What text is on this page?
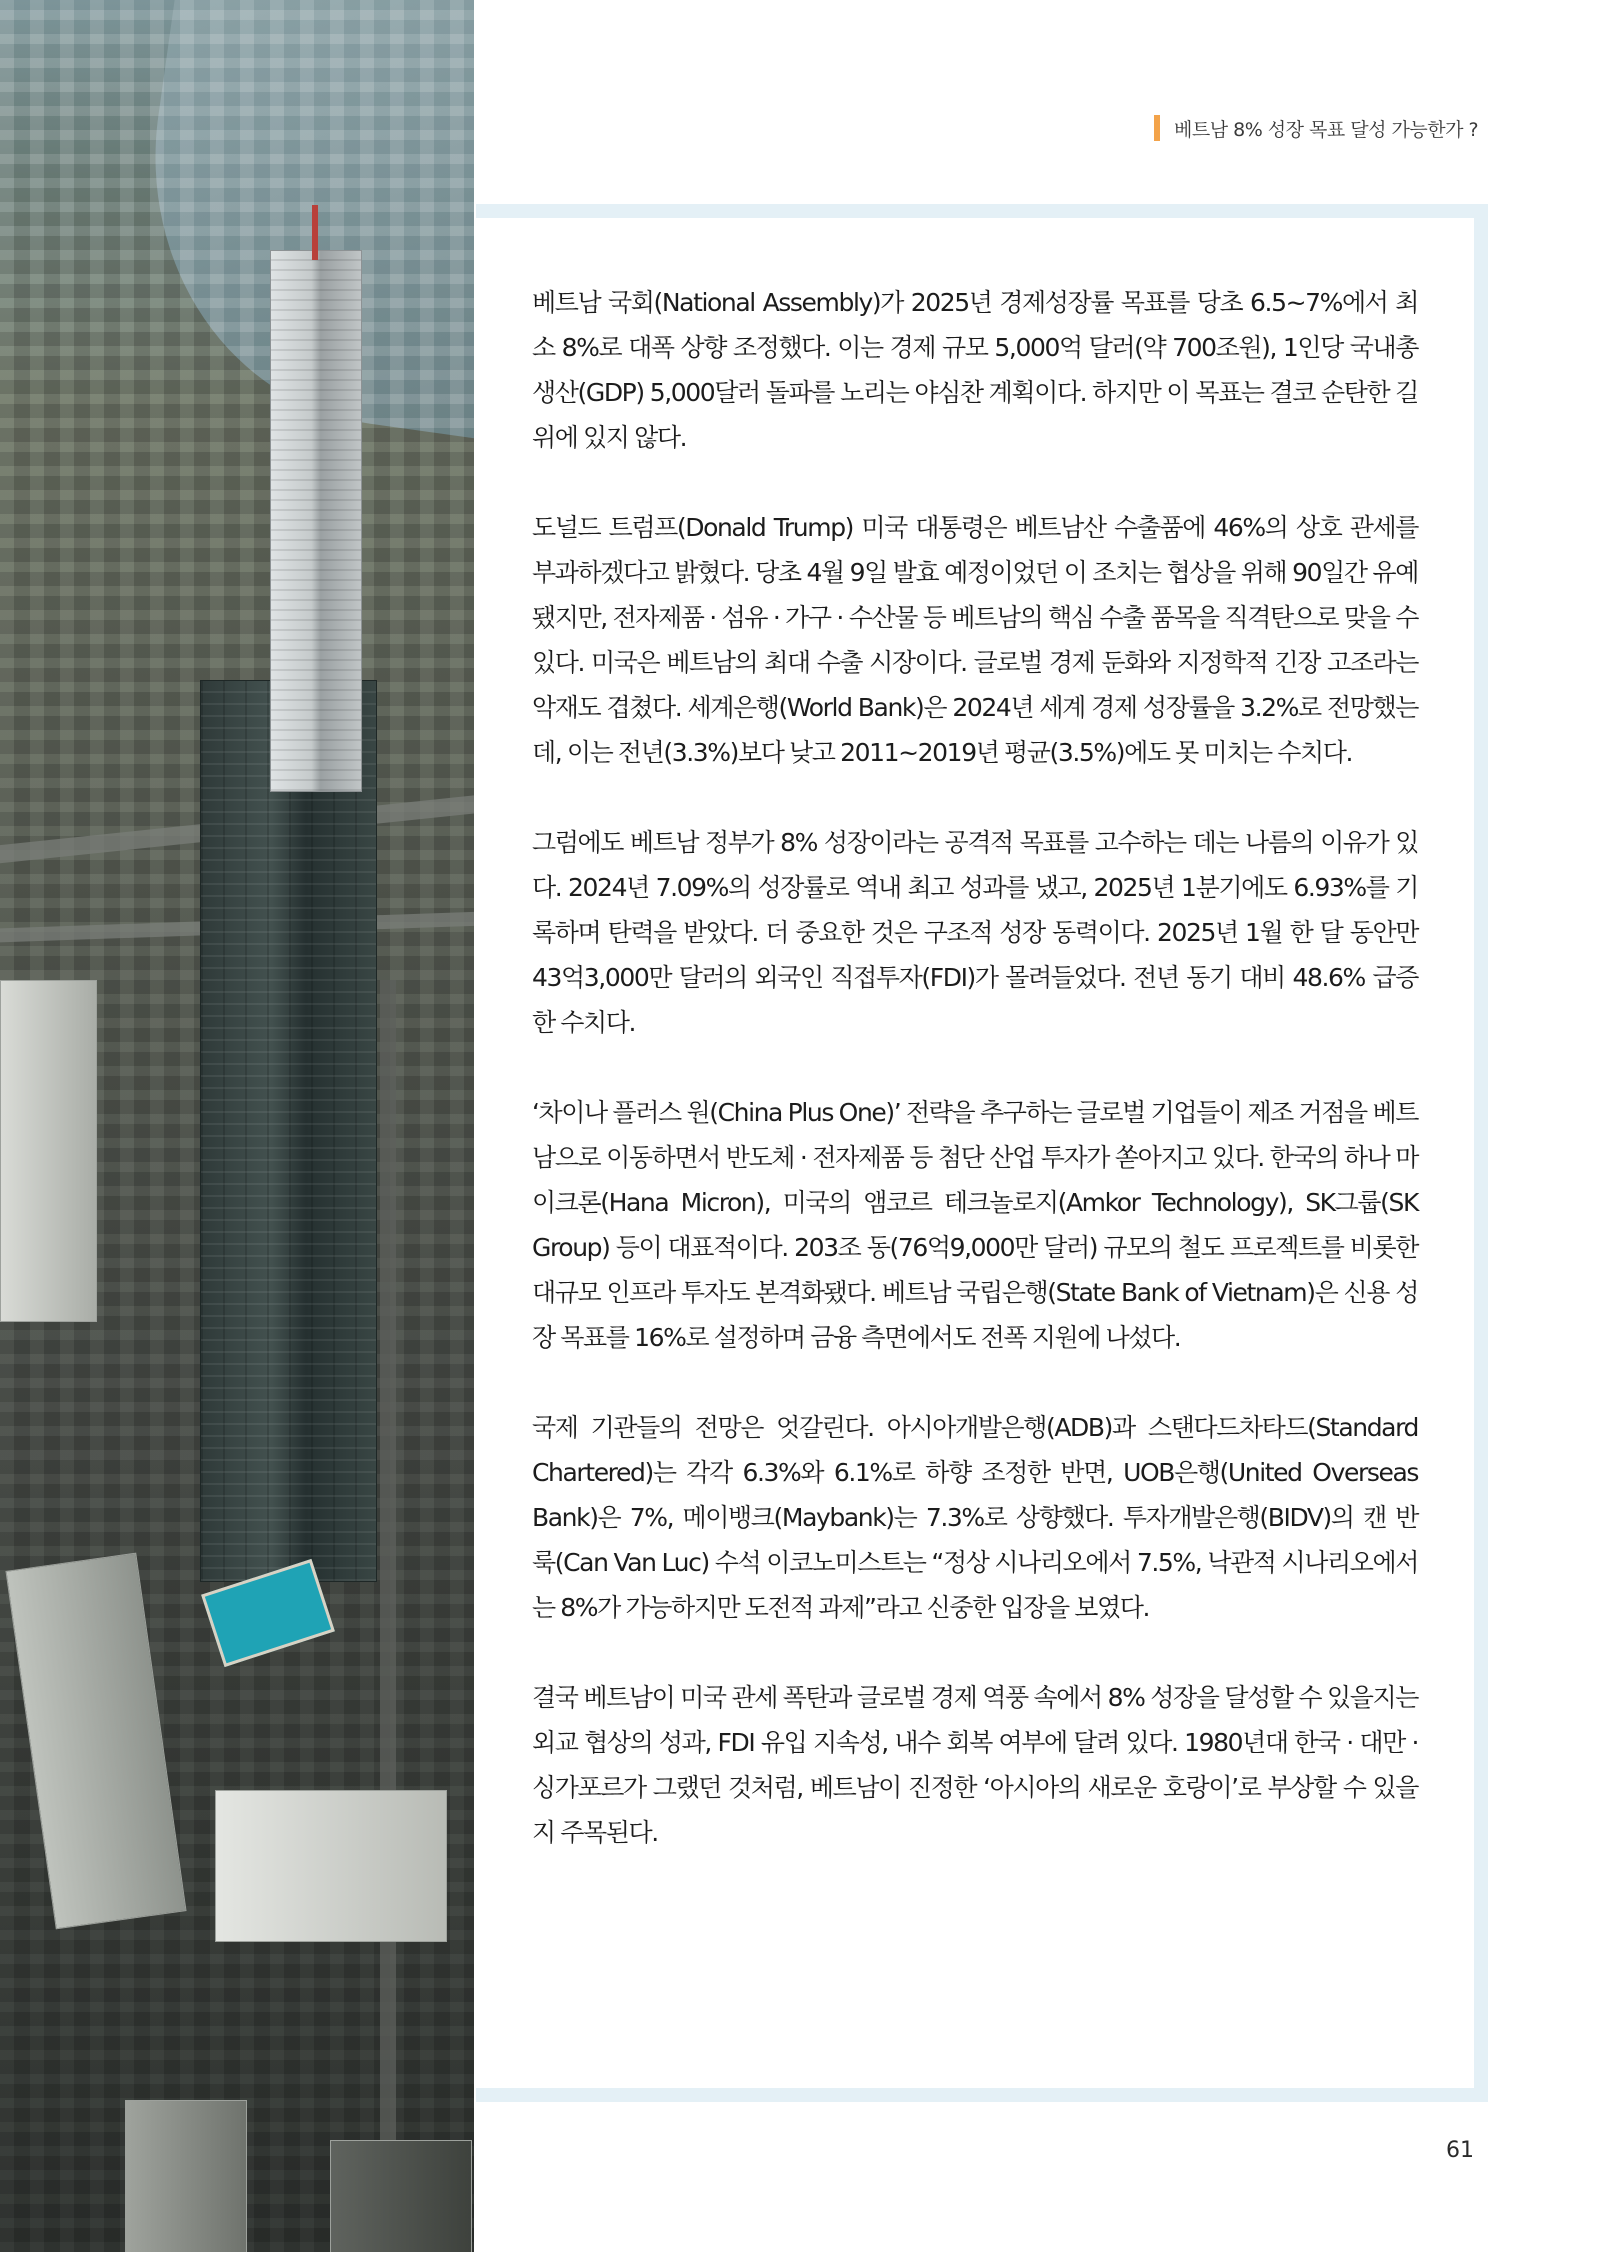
베트남 8% 성장 목표 달성 가능한가 ?

베트남 국회(National Assembly)가 2025년 경제성장률 목표를 당초 6.5~7%에서 최소 8%로 대폭 상향 조정했다. 이는 경제 규모 5,000억 달러(약 700조원), 1인당 국내총생산(GDP) 5,000달러 돌파를 노리는 야심찬 계획이다. 하지만 이 목표는 결코 순탄한 길 위에 있지 않다.

도널드 트럼프(Donald Trump) 미국 대통령은 베트남산 수출품에 46%의 상호 관세를 부과하겠다고 밝혔다. 당초 4월 9일 발효 예정이었던 이 조치는 협상을 위해 90일간 유예됐지만, 전자제품 · 섬유 · 가구 · 수산물 등 베트남의 핵심 수출 품목을 직격탄으로 맞을 수 있다. 미국은 베트남의 최대 수출 시장이다. 글로벌 경제 둔화와 지정학적 긴장 고조라는 악재도 겹쳤다. 세계은행(World Bank)은 2024년 세계 경제 성장률을 3.2%로 전망했는데, 이는 전년(3.3%)보다 낮고 2011~2019년 평균(3.5%)에도 못 미치는 수치다.

그럼에도 베트남 정부가 8% 성장이라는 공격적 목표를 고수하는 데는 나름의 이유가 있다. 2024년 7.09%의 성장률로 역내 최고 성과를 냈고, 2025년 1분기에도 6.93%를 기록하며 탄력을 받았다. 더 중요한 것은 구조적 성장 동력이다. 2025년 1월 한 달 동안만 43억3,000만 달러의 외국인 직접투자(FDI)가 몰려들었다. 전년 동기 대비 48.6% 급증한 수치다.

‘차이나 플러스 원(China Plus One)’ 전략을 추구하는 글로벌 기업들이 제조 거점을 베트남으로 이동하면서 반도체 · 전자제품 등 첨단 산업 투자가 쏟아지고 있다. 한국의 하나 마이크론(Hana Micron), 미국의 앰코르 테크놀로지(Amkor Technology), SK그룹(SK Group) 등이 대표적이다. 203조 동(76억9,000만 달러) 규모의 철도 프로젝트를 비롯한 대규모 인프라 투자도 본격화됐다. 베트남 국립은행(State Bank of Vietnam)은 신용 성장 목표를 16%로 설정하며 금융 측면에서도 전폭 지원에 나섰다.

국제 기관들의 전망은 엇갈린다. 아시아개발은행(ADB)과 스탠다드차타드(Standard Chartered)는 각각 6.3%와 6.1%로 하향 조정한 반면, UOB은행(United Overseas Bank)은 7%, 메이뱅크(Maybank)는 7.3%로 상향했다. 투자개발은행(BIDV)의 캔 반 룩(Can Van Luc) 수석 이코노미스트는 “정상 시나리오에서 7.5%, 낙관적 시나리오에서는 8%가 가능하지만 도전적 과제”라고 신중한 입장을 보였다.

결국 베트남이 미국 관세 폭탄과 글로벌 경제 역풍 속에서 8% 성장을 달성할 수 있을지는 외교 협상의 성과, FDI 유입 지속성, 내수 회복 여부에 달려 있다. 1980년대 한국 · 대만 · 싱가포르가 그랬던 것처럼, 베트남이 진정한 ‘아시아의 새로운 호랑이’로 부상할 수 있을지 주목된다.

61
